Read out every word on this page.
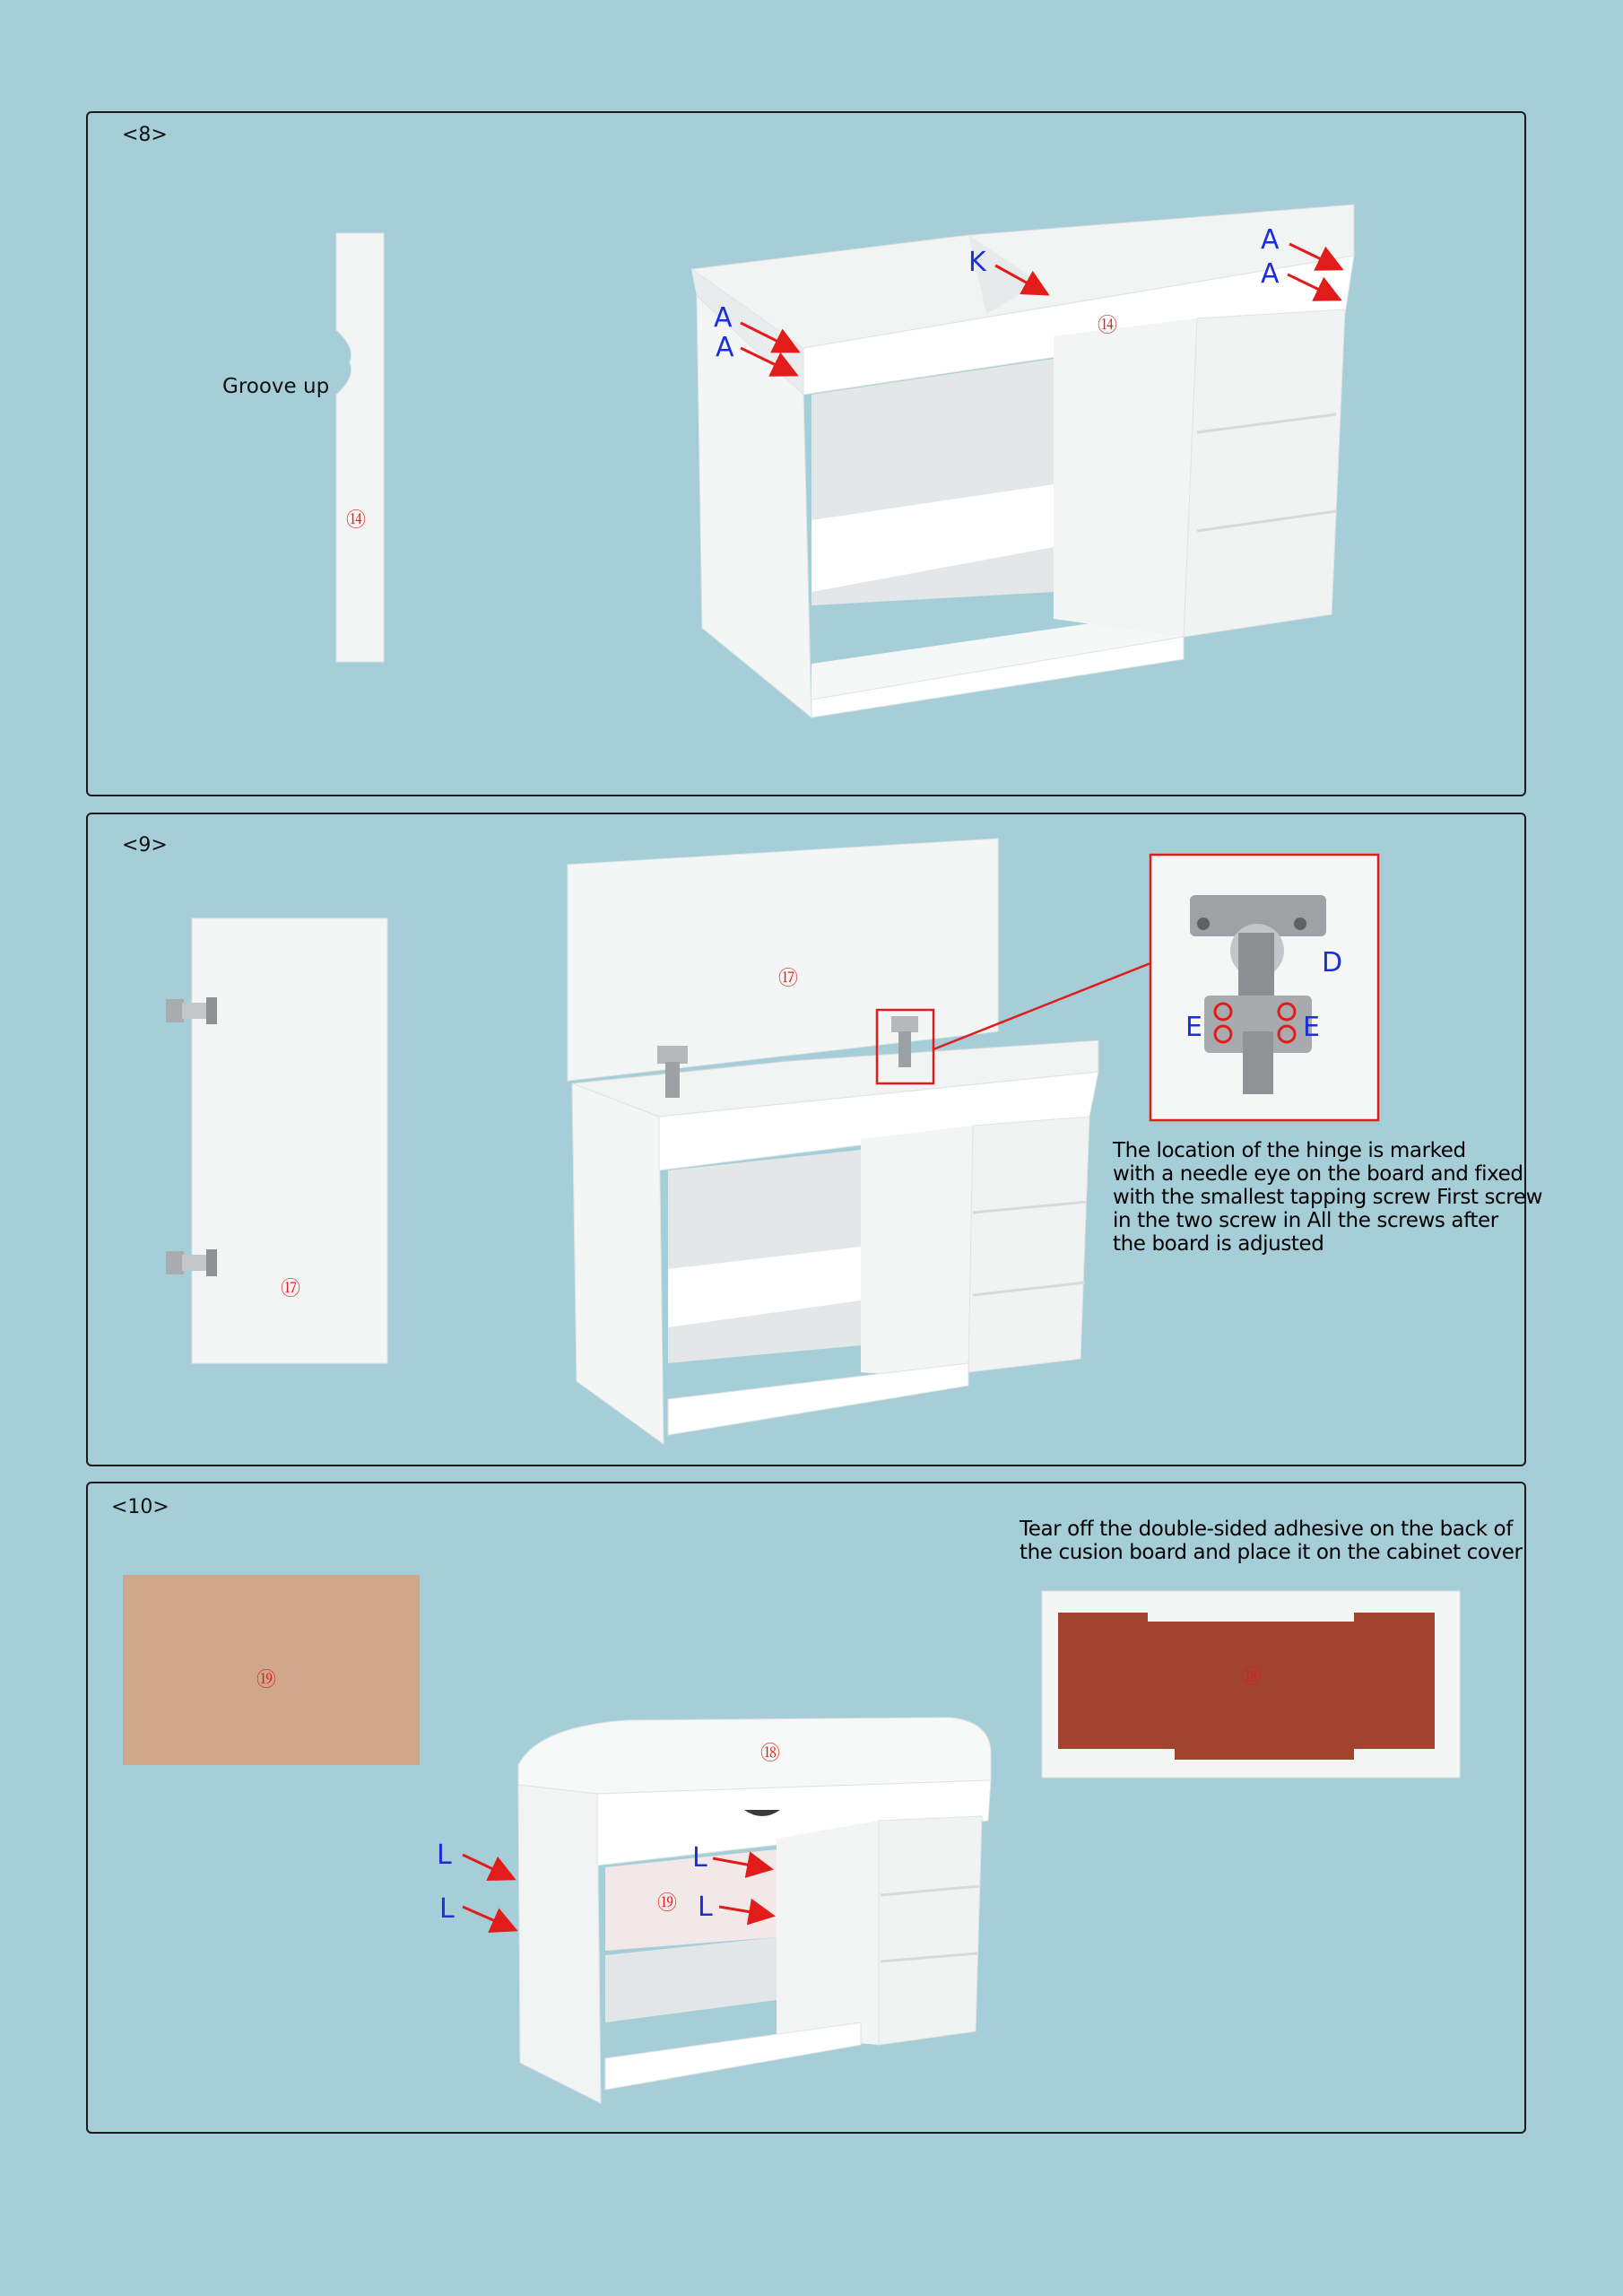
<8>
Groove up
⑭
⑭
A
A
K
A
A
⑰
⑰
D
E	E
⑲	⑱
⑱
⑲
L
L
L
L
<9>
The location of the hinge is marked
with a needle eye on the board and fixed
with the smallest tapping screw First screw
in the two screw in All the screws after
the board is adjusted
<10>
Tear off the double-sided adhesive on the back of
the cusion board and place it on the cabinet cover
